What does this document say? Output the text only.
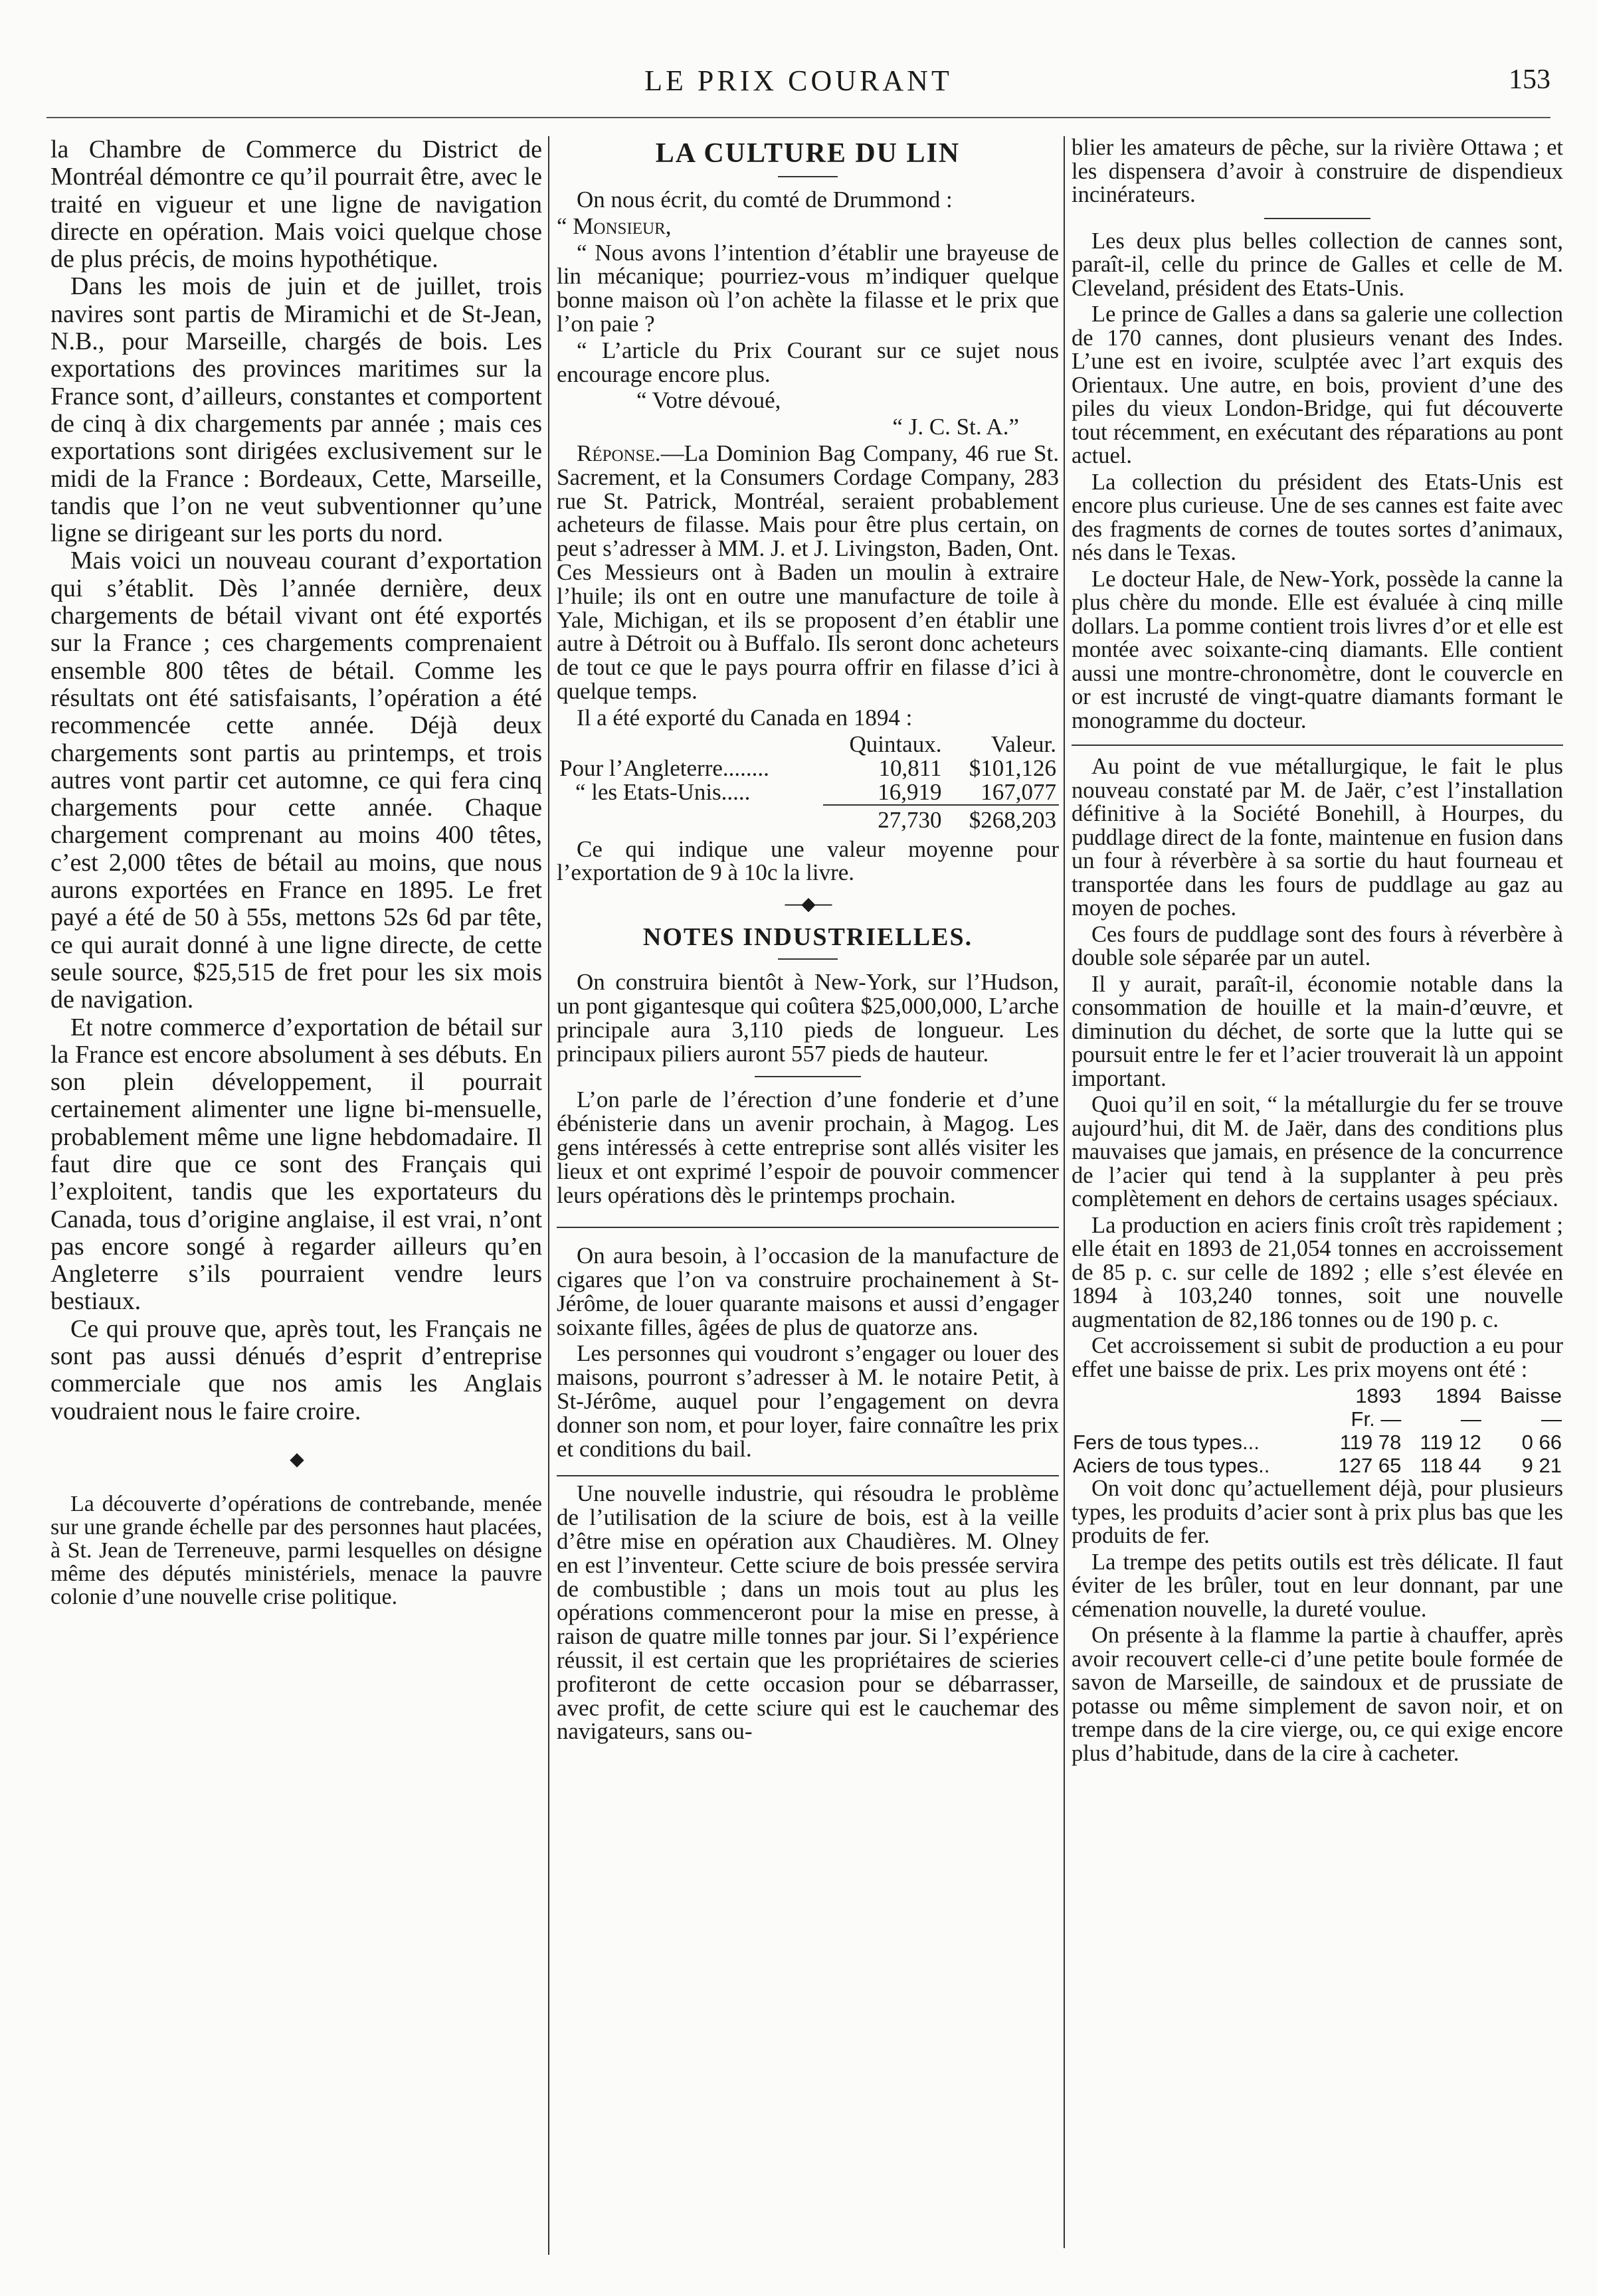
LE PRIX COURANT	153

la Chambre de Commerce du District de Montréal démontre ce qu’il pourrait être, avec le traité en vigueur et une ligne de navigation directe en opération. Mais voici quelque chose de plus précis, de moins hypothétique.

Dans les mois de juin et de juillet, trois navires sont partis de Miramichi et de St-Jean, N.B., pour Marseille, chargés de bois. Les exportations des provinces maritimes sur la France sont, d’ailleurs, constantes et comportent de cinq à dix chargements par année ; mais ces exportations sont dirigées exclusivement sur le midi de la France : Bordeaux, Cette, Marseille, tandis que l’on ne veut subventionner qu’une ligne se dirigeant sur les ports du nord.

Mais voici un nouveau courant d’exportation qui s’établit. Dès l’année dernière, deux chargements de bétail vivant ont été exportés sur la France ; ces chargements comprenaient ensemble 800 têtes de bétail. Comme les résultats ont été satisfaisants, l’opération a été recommencée cette année. Déjà deux chargements sont partis au printemps, et trois autres vont partir cet automne, ce qui fera cinq chargements pour cette année. Chaque chargement comprenant au moins 400 têtes, c’est 2,000 têtes de bétail au moins, que nous aurons exportées en France en 1895. Le fret payé a été de 50 à 55s, mettons 52s 6d par tête, ce qui aurait donné à une ligne directe, de cette seule source, $25,515 de fret pour les six mois de navigation.

Et notre commerce d’exportation de bétail sur la France est encore absolument à ses débuts. En son plein développement, il pourrait certainement alimenter une ligne bi-mensuelle, probablement même une ligne hebdomadaire. Il faut dire que ce sont des Français qui l’exploitent, tandis que les exportateurs du Canada, tous d’origine anglaise, il est vrai, n’ont pas encore songé à regarder ailleurs qu’en Angleterre s’ils pourraient vendre leurs bestiaux.

Ce qui prouve que, après tout, les Français ne sont pas aussi dénués d’esprit d’entreprise commerciale que nos amis les Anglais voudraient nous le faire croire.

◆

La découverte d’opérations de contrebande, menée sur une grande échelle par des personnes haut placées, à St. Jean de Terreneuve, parmi lesquelles on désigne même des députés ministériels, menace la pauvre colonie d’une nouvelle crise politique.

LA CULTURE DU LIN

On nous écrit, du comté de Drummond :

“ Monsieur,

“ Nous avons l’intention d’établir une brayeuse de lin mécanique; pourriez-vous m’indiquer quelque bonne maison où l’on achète la filasse et le prix que l’on paie ?

“ L’article du Prix Courant sur ce sujet nous encourage encore plus.

“ Votre dévoué,

“ J. C. St. A.”

Réponse.—La Dominion Bag Company, 46 rue St. Sacrement, et la Consumers Cordage Company, 283 rue St. Patrick, Montréal, seraient probablement acheteurs de filasse. Mais pour être plus certain, on peut s’adresser à MM. J. et J. Livingston, Baden, Ont. Ces Messieurs ont à Baden un moulin à extraire l’huile; ils ont en outre une manufacture de toile à Yale, Michigan, et ils se proposent d’en établir une autre à Détroit ou à Buffalo. Ils seront donc acheteurs de tout ce que le pays pourra offrir en filasse d’ici à quelque temps.

Il a été exporté du Canada en 1894 :

	Quintaux.	Valeur.
Pour l’Angleterre........	10,811	$101,126
“ les Etats-Unis.....	16,919	167,077
	27,730	$268,203

Ce qui indique une valeur moyenne pour l’exportation de 9 à 10c la livre.

—◆—
NOTES INDUSTRIELLES.

On construira bientôt à New-York, sur l’Hudson, un pont gigantesque qui coûtera $25,000,000, L’arche principale aura 3,110 pieds de longueur. Les principaux piliers auront 557 pieds de hauteur.

L’on parle de l’érection d’une fonderie et d’une ébénisterie dans un avenir prochain, à Magog. Les gens intéressés à cette entreprise sont allés visiter les lieux et ont exprimé l’espoir de pouvoir commencer leurs opérations dès le printemps prochain.

On aura besoin, à l’occasion de la manufacture de cigares que l’on va construire prochainement à St-Jérôme, de louer quarante maisons et aussi d’engager soixante filles, âgées de plus de quatorze ans.

Les personnes qui voudront s’engager ou louer des maisons, pourront s’adresser à M. le notaire Petit, à St-Jérôme, auquel pour l’engagement on devra donner son nom, et pour loyer, faire connaître les prix et conditions du bail.

Une nouvelle industrie, qui résoudra le problème de l’utilisation de la sciure de bois, est à la veille d’être mise en opération aux Chaudières. M. Olney en est l’inventeur. Cette sciure de bois pressée servira de combustible ; dans un mois tout au plus les opérations commenceront pour la mise en presse, à raison de quatre mille tonnes par jour. Si l’expérience réussit, il est certain que les propriétaires de scieries profiteront de cette occasion pour se débarrasser, avec profit, de cette sciure qui est le cauchemar des navigateurs, sans ou-

blier les amateurs de pêche, sur la rivière Ottawa ; et les dispensera d’avoir à construire de dispendieux incinérateurs.

Les deux plus belles collection de cannes sont, paraît-il, celle du prince de Galles et celle de M. Cleveland, président des Etats-Unis.

Le prince de Galles a dans sa galerie une collection de 170 cannes, dont plusieurs venant des Indes. L’une est en ivoire, sculptée avec l’art exquis des Orientaux. Une autre, en bois, provient d’une des piles du vieux London-Bridge, qui fut découverte tout récemment, en exécutant des réparations au pont actuel.

La collection du président des Etats-Unis est encore plus curieuse. Une de ses cannes est faite avec des fragments de cornes de toutes sortes d’animaux, nés dans le Texas.

Le docteur Hale, de New-York, possède la canne la plus chère du monde. Elle est évaluée à cinq mille dollars. La pomme contient trois livres d’or et elle est montée avec soixante-cinq diamants. Elle contient aussi une montre-chronomètre, dont le couvercle en or est incrusté de vingt-quatre diamants formant le monogramme du docteur.

Au point de vue métallurgique, le fait le plus nouveau constaté par M. de Jaër, c’est l’installation définitive à la Société Bonehill, à Hourpes, du puddlage direct de la fonte, maintenue en fusion dans un four à réverbère à sa sortie du haut fourneau et transportée dans les fours de puddlage au gaz au moyen de poches.

Ces fours de puddlage sont des fours à réverbère à double sole séparée par un autel.

Il y aurait, paraît-il, économie notable dans la consommation de houille et la main-d’œuvre, et diminution du déchet, de sorte que la lutte qui se poursuit entre le fer et l’acier trouverait là un appoint important.

Quoi qu’il en soit, “ la métallurgie du fer se trouve aujourd’hui, dit M. de Jaër, dans des conditions plus mauvaises que jamais, en présence de la concurrence de l’acier qui tend à la supplanter à peu près complètement en dehors de certains usages spéciaux.

La production en aciers finis croît très rapidement ; elle était en 1893 de 21,054 tonnes en accroissement de 85 p. c. sur celle de 1892 ; elle s’est élevée en 1894 à 103,240 tonnes, soit une nouvelle augmentation de 82,186 tonnes ou de 190 p. c.

Cet accroissement si subit de production a eu pour effet une baisse de prix. Les prix moyens ont été :

	1893	1894	Baisse
	Fr. —	—	—
Fers de tous types...	119 78	119 12	0 66
Aciers de tous types..	127 65	118 44	9 21

On voit donc qu’actuellement déjà, pour plusieurs types, les produits d’acier sont à prix plus bas que les produits de fer.

La trempe des petits outils est très délicate. Il faut éviter de les brûler, tout en leur donnant, par une cémenation nouvelle, la dureté voulue.

On présente à la flamme la partie à chauffer, après avoir recouvert celle-ci d’une petite boule formée de savon de Marseille, de saindoux et de prussiate de potasse ou même simplement de savon noir, et on trempe dans de la cire vierge, ou, ce qui exige encore plus d’habitude, dans de la cire à cacheter.
